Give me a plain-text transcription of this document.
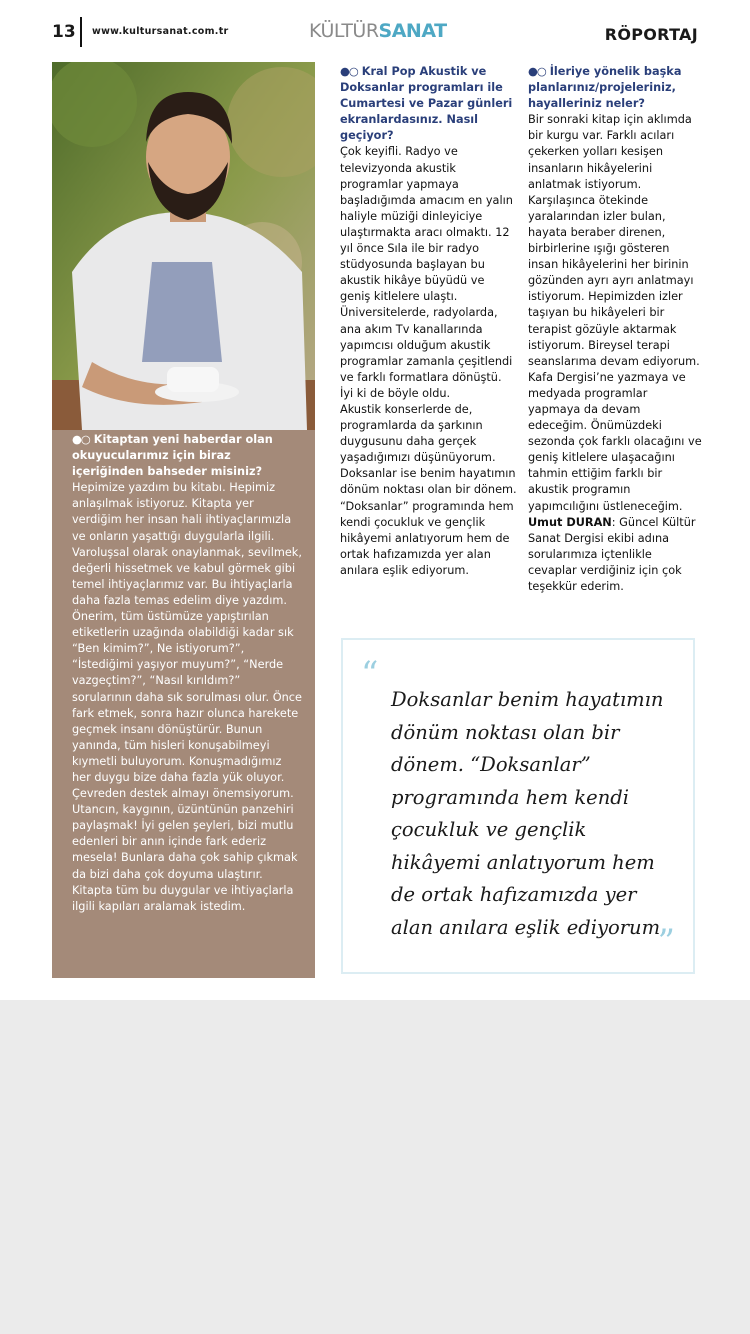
13 www.kultursanat.com.tr	KÜLTÜRSANAT	RÖPORTAJ
●○ Kitaptan yeni haberdar olan okuyucularımız için biraz içeriğinden bahseder misiniz?
Hepimize yazdım bu kitabı. Hepimiz anlaşılmak istiyoruz. Kitapta yer verdiğim her insan hali ihtiyaçlarımızla ve onların yaşattığı duygularla ilgili. Varoluşsal olarak onaylanmak, sevilmek, değerli hissetmek ve kabul görmek gibi temel ihtiyaçlarımız var. Bu ihtiyaçlarla daha fazla temas edelim diye yazdım. Önerim, tüm üstümüze yapıştırılan etiketlerin uzağında olabildiği kadar sık “Ben kimim?”, Ne istiyorum?”, “İstediğimi yaşıyor muyum?”, “Nerde vazgeçtim?”, “Nasıl kırıldım?” sorularının daha sık sorulması olur. Önce fark etmek, sonra hazır olunca harekete geçmek insanı dönüştürür. Bunun yanında, tüm hisleri konuşabilmeyi kıymetli buluyorum. Konuşmadığımız her duygu bize daha fazla yük oluyor. Çevreden destek almayı önemsiyorum. Utancın, kaygının, üzüntünün panzehiri paylaşmak! İyi gelen şeyleri, bizi mutlu edenleri bir anın içinde fark ederiz mesela! Bunlara daha çok sahip çıkmak da bizi daha çok doyuma ulaştırır. Kitapta tüm bu duygular ve ihtiyaçlarla ilgili kapıları aralamak istedim.
●○ Kral Pop Akustik ve Doksanlar programları ile Cumartesi ve Pazar günleri ekranlardasınız. Nasıl geçiyor?
Çok keyifli. Radyo ve televizyonda akustik programlar yapmaya başladığımda amacım en yalın haliyle müziği dinleyiciye ulaştırmakta aracı olmaktı. 12 yıl önce Sıla ile bir radyo stüdyosunda başlayan bu akustik hikâye büyüdü ve geniş kitlelere ulaştı. Üniversitelerde, radyolarda, ana akım Tv kanallarında yapımcısı olduğum akustik programlar zamanla çeşitlendi ve farklı formatlara dönüştü. İyi ki de böyle oldu.
Akustik konserlerde de, programlarda da şarkının duygusunu daha gerçek yaşadığımızı düşünüyorum. Doksanlar ise benim hayatımın dönüm noktası olan bir dönem. “Doksanlar” programında hem kendi çocukluk ve gençlik hikâyemi anlatıyorum hem de ortak hafızamızda yer alan anılara eşlik ediyorum.
●○ İleriye yönelik başka planlarınız/projeleriniz, hayalleriniz neler?
Bir sonraki kitap için aklımda bir kurgu var. Farklı acıları çekerken yolları kesişen insanların hikâyelerini anlatmak istiyorum. Karşılaşınca ötekinde yaralarından izler bulan, hayata beraber direnen, birbirlerine ışığı gösteren insan hikâyelerini her birinin gözünden ayrı ayrı anlatmayı istiyorum. Hepimizden izler taşıyan bu hikâyeleri bir terapist gözüyle aktarmak istiyorum. Bireysel terapi seanslarıma devam ediyorum. Kafa Dergisi’ne yazmaya ve medyada programlar yapmaya da devam edeceğim. Önümüzdeki sezonda çok farklı olacağını ve geniş kitlelere ulaşacağını tahmin ettiğim farklı bir akustik programın yapımcılığını üstleneceğim.
Umut DURAN: Güncel Kültür Sanat Dergisi ekibi adına sorularımıza içtenlikle cevaplar verdiğiniz için çok teşekkür ederim.
“
Doksanlar benim hayatımın dönüm noktası olan bir dönem. “Doksanlar” programında hem kendi çocukluk ve gençlik hikâyemi anlatıyorum hem de ortak hafızamızda yer alan anılara eşlik ediyorum.
”
